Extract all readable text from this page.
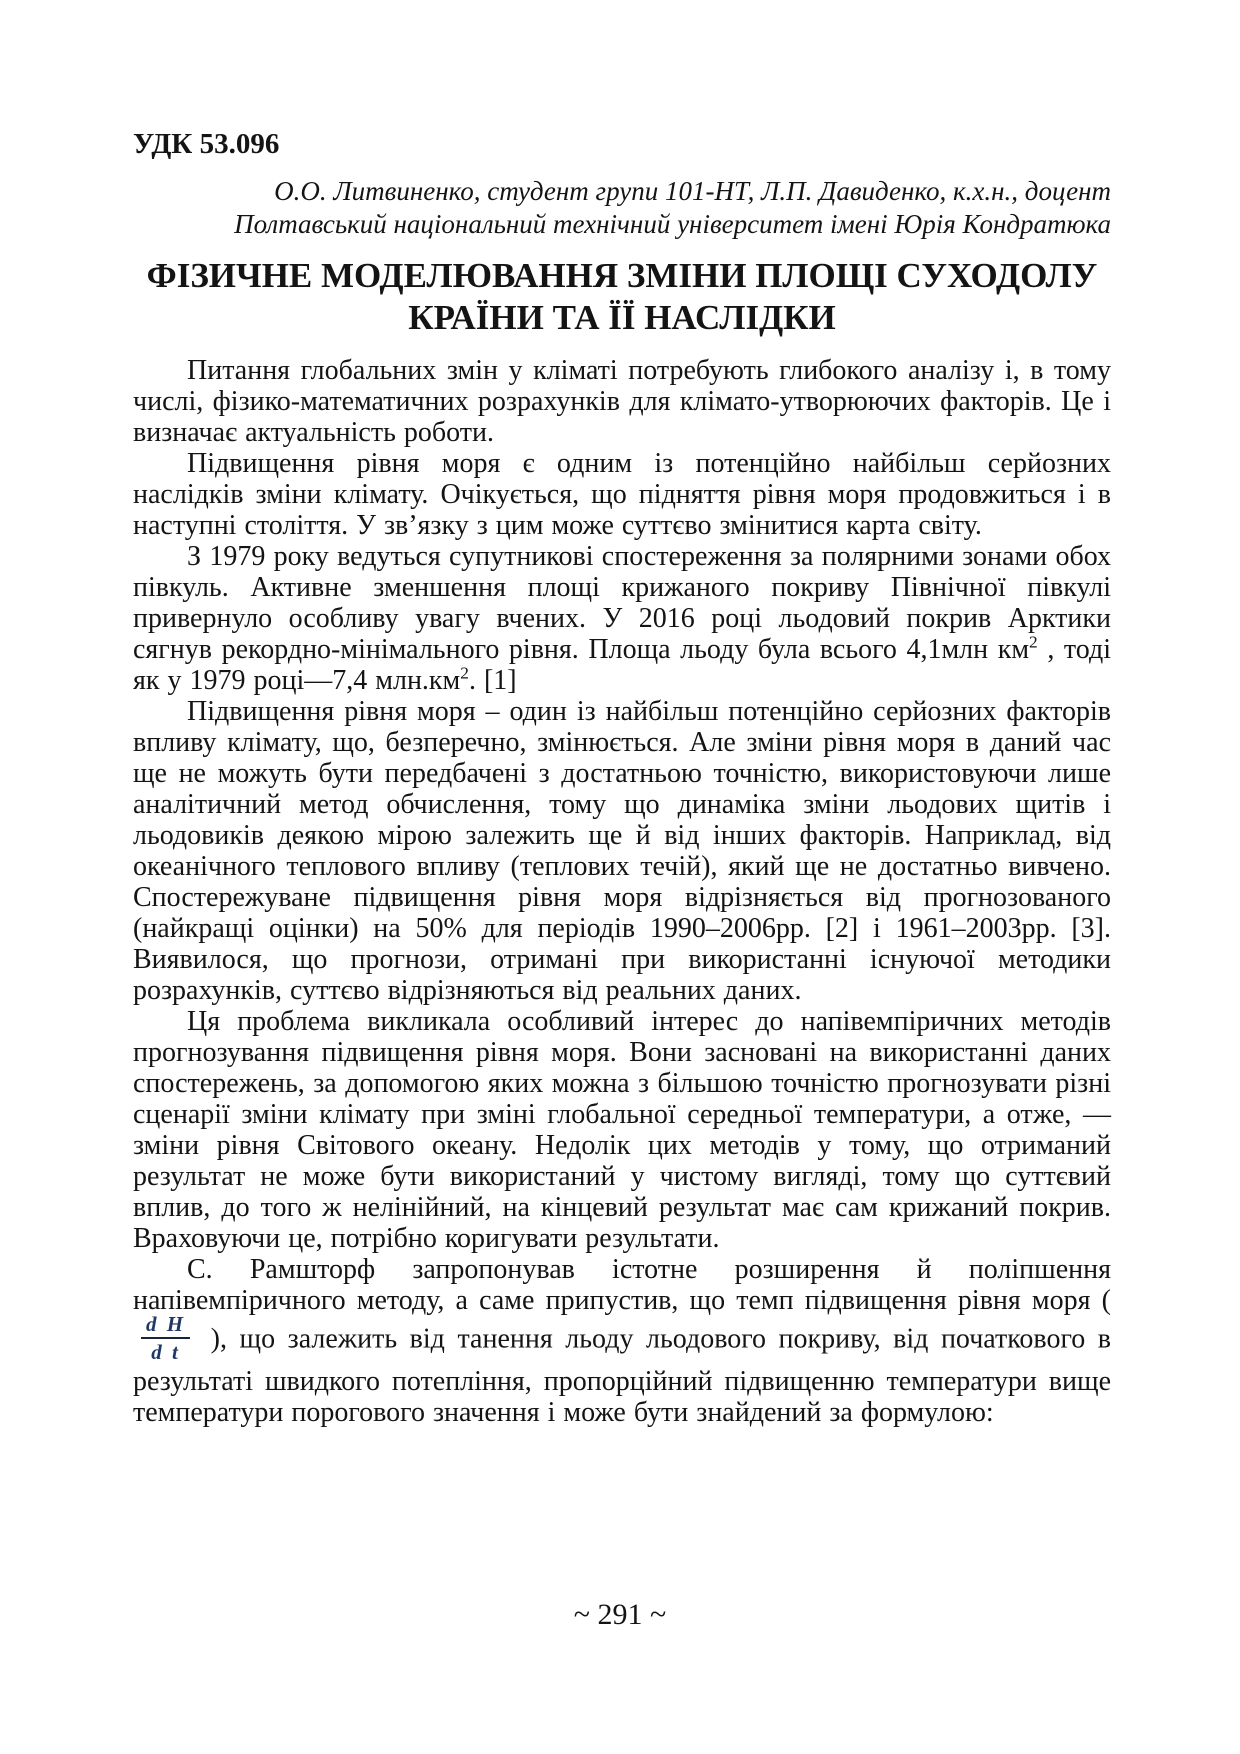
УДК 53.096
О.О. Литвиненко, студент групи 101-НТ, Л.П. Давиденко, к.х.н., доцент
Полтавський національний технічний університет імені Юрія Кондратюка
ФІЗИЧНЕ МОДЕЛЮВАННЯ ЗМІНИ ПЛОЩІ СУХОДОЛУ
КРАЇНИ ТА ЇЇ НАСЛІДКИ

Питання глобальних змін у кліматі потребують глибокого аналізу і, в тому числі, фізико-математичних розрахунків для клімато-утворюючих факторів. Це і визначає актуальність роботи.

Підвищення рівня моря є одним із потенційно найбільш серйозних наслідків зміни клімату. Очікується, що підняття рівня моря продовжиться і в наступні століття. У зв’язку з цим може суттєво змінитися карта світу.

З 1979 року ведуться супутникові спостереження за полярними зонами обох півкуль. Активне зменшення площі крижаного покриву Північної півкулі привернуло особливу увагу вчених. У 2016 році льодовий покрив Арктики сягнув рекордно-мінімального рівня. Площа льоду була всього 4,1млн $км^2$ , тоді як у 1979 році—7,4 $млн.км^2$. [1]

Підвищення рівня моря – один із найбільш потенційно серйозних факторів впливу клімату, що, безперечно, змінюється. Але зміни рівня моря в даний час ще не можуть бути передбачені з достатньою точністю, використовуючи лише аналітичний метод обчислення, тому що динаміка зміни льодових щитів і льодовиків деякою мірою залежить ще й від інших факторів. Наприклад, від океанічного теплового впливу (теплових течій), який ще не достатньо вивчено. Спостережуване підвищення рівня моря відрізняється від прогнозованого (найкращі оцінки) на 50% для періодів 1990–2006рр. [2] і 1961–2003рр. [3]. Виявилося, що прогнози, отримані при використанні існуючої методики розрахунків, суттєво відрізняються від реальних даних.

Ця проблема викликала особливий інтерес до напівемпіричних методів прогнозування підвищення рівня моря. Вони засновані на використанні даних спостережень, за допомогою яких можна з більшою точністю прогнозувати різні сценарії зміни клімату при зміні глобальної середньої температури, а отже, — зміни рівня Світового океану. Недолік цих методів у тому, що отриманий результат не може бути використаний у чистому вигляді, тому що суттєвий вплив, до того ж нелінійний, на кінцевий результат має сам крижаний покрив. Враховуючи це, потрібно коригувати результати.

С. Рамшторф запропонував істотне розширення й поліпшення напівемпіричного методу, а саме припустив, що темп підвищення рівня моря (
$\frac{\text{d H}}{\text{d t}}$ ), що залежить від танення льоду льодового покриву, від початкового в результаті швидкого потепління, пропорційний підвищенню температури вище температури порогового значення і може бути знайдений за формулою:

~ 291 ~
